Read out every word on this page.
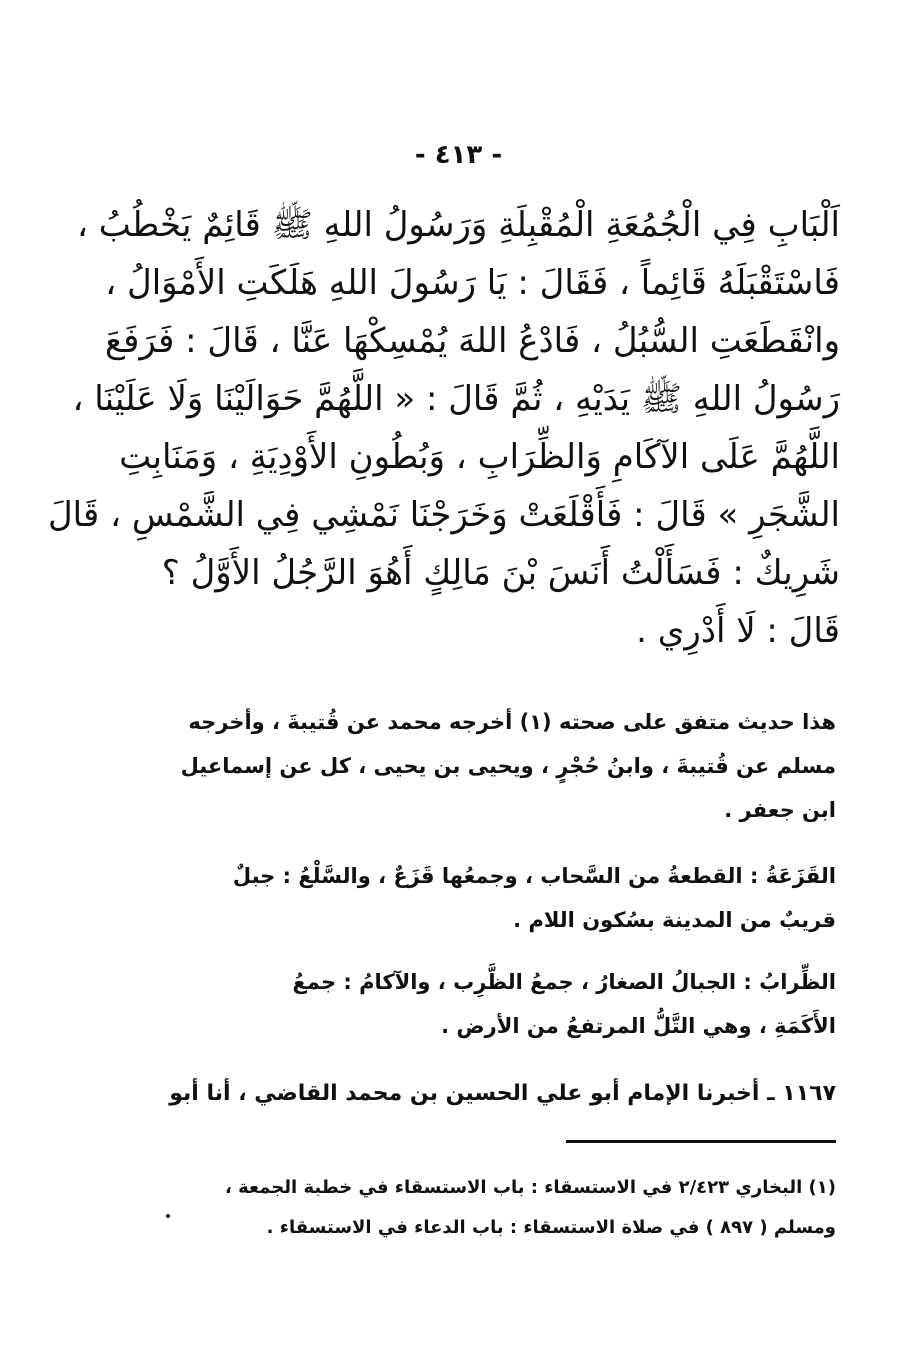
- ٤١٣ -
اَلْبَابِ فِي الْجُمُعَةِ الْمُقْبِلَةِ وَرَسُولُ اللهِ ﷺ قَائِمٌ يَخْطُبُ ،
فَاسْتَقْبَلَهُ قَائِماً ، فَقَالَ : يَا رَسُولَ اللهِ هَلَكَتِ الأَمْوَالُ ،
وانْقَطَعَتِ السُّبُلُ ، فَادْعُ اللهَ يُمْسِكْهَا عَنَّا ، قَالَ : فَرَفَعَ
رَسُولُ اللهِ ﷺ يَدَيْهِ ، ثُمَّ قَالَ : « اللَّهُمَّ حَوَالَيْنَا وَلَا عَلَيْنَا ،
اللَّهُمَّ عَلَى الآكَامِ وَالظِّرَابِ ، وَبُطُونِ الأَوْدِيَةِ ، وَمَنَابِتِ
الشَّجَرِ » قَالَ : فَأَقْلَعَتْ وَخَرَجْنَا نَمْشِي فِي الشَّمْسِ ، قَالَ
شَرِيكٌ : فَسَأَلْتُ أَنَسَ بْنَ مَالِكٍ أَهُوَ الرَّجُلُ الأَوَّلُ ؟
قَالَ : لَا أَدْرِي .
هذا حديث متفق على صحته (١) أخرجه محمد عن قُتيبةَ ، وأخرجه
مسلم عن قُتيبةَ ، وابنُ حُجْرٍ ، ويحيى بن يحيى ، كل عن إسماعيل
ابن جعفر .
القَزَعَةُ : القطعةُ من السَّحاب ، وجمعُها قَزَعٌ ، والسَّلْعُ : جبلٌ
قريبٌ من المدينة بسُكون اللام .
الظِّرابُ : الجبالُ الصغارُ ، جمعُ الظَّرِب ، والآكامُ : جمعُ
الأَكَمَةِ ، وهي التَّلُّ المرتفعُ من الأرض .
١١٦٧ ـ أخبرنا الإمام أبو علي الحسين بن محمد القاضي ، أنا أبو
(١) البخاري ٢/٤٢٣ في الاستسقاء : باب الاستسقاء في خطبة الجمعة ،
ومسلم ( ٨٩٧ ) في صلاة الاستسقاء : باب الدعاء في الاستسقاء .
